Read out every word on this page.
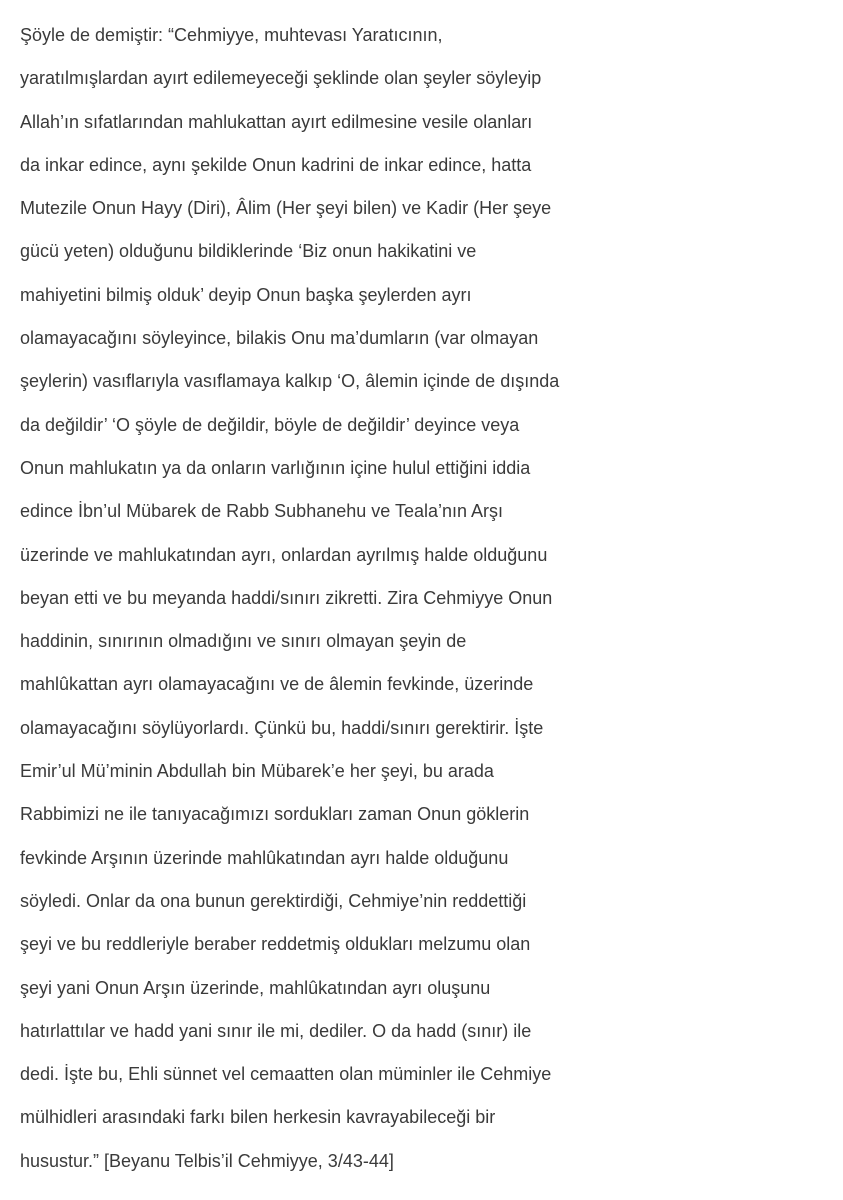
Şöyle de demiştir: “Cehmiyye, muhtevası Yaratıcının,
yaratılmışlardan ayırt edilemeyeceği şeklinde olan şeyler söyleyip
Allah’ın sıfatlarından mahlukattan ayırt edilmesine vesile olanları
da inkar edince, aynı şekilde Onun kadrini de inkar edince, hatta
Mutezile Onun Hayy (Diri), Âlim (Her şeyi bilen) ve Kadir (Her şeye
gücü yeten) olduğunu bildiklerinde ‘Biz onun hakikatini ve
mahiyetini bilmiş olduk’ deyip Onun başka şeylerden ayrı
olamayacağını söyleyince, bilakis Onu ma’dumların (var olmayan
şeylerin) vasıflarıyla vasıflamaya kalkıp ‘O, âlemin içinde de dışında
da değildir’ ‘O şöyle de değildir, böyle de değildir’ deyince veya
Onun mahlukatın ya da onların varlığının içine hulul ettiğini iddia
edince İbn’ul Mübarek de Rabb Subhanehu ve Teala’nın Arşı
üzerinde ve mahlukatından ayrı, onlardan ayrılmış halde olduğunu
beyan etti ve bu meyanda haddi/sınırı zikretti. Zira Cehmiyye Onun
haddinin, sınırının olmadığını ve sınırı olmayan şeyin de
mahlûkattan ayrı olamayacağını ve de âlemin fevkinde, üzerinde
olamayacağını söylüyorlardı. Çünkü bu, haddi/sınırı gerektirir. İşte
Emir’ul Mü’minin Abdullah bin Mübarek’e her şeyi, bu arada
Rabbimizi ne ile tanıyacağımızı sordukları zaman Onun göklerin
fevkinde Arşının üzerinde mahlûkatından ayrı halde olduğunu
söyledi. Onlar da ona bunun gerektirdiği, Cehmiye’nin reddettiği
şeyi ve bu reddleriyle beraber reddetmiş oldukları melzumu olan
şeyi yani Onun Arşın üzerinde, mahlûkatından ayrı oluşunu
hatırlattılar ve hadd yani sınır ile mi, dediler. O da hadd (sınır) ile
dedi. İşte bu, Ehli sünnet vel cemaatten olan müminler ile Cehmiye
mülhidleri arasındaki farkı bilen herkesin kavrayabileceği bir
husustur.” [Beyanu Telbis’il Cehmiyye, 3/43-44]
